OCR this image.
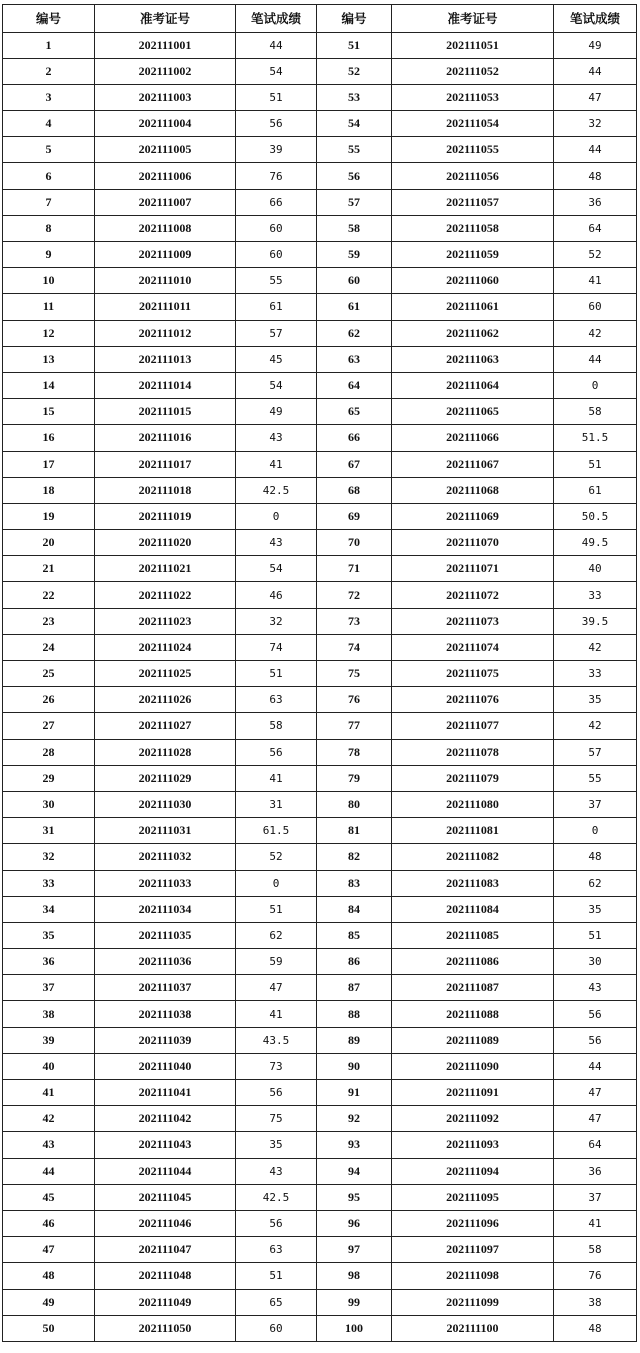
编号	准考证号	笔试成绩	编号	准考证号	笔试成绩
1	202111001	44	51	202111051	49
2	202111002	54	52	202111052	44
3	202111003	51	53	202111053	47
4	202111004	56	54	202111054	32
5	202111005	39	55	202111055	44
6	202111006	76	56	202111056	48
7	202111007	66	57	202111057	36
8	202111008	60	58	202111058	64
9	202111009	60	59	202111059	52
10	202111010	55	60	202111060	41
11	202111011	61	61	202111061	60
12	202111012	57	62	202111062	42
13	202111013	45	63	202111063	44
14	202111014	54	64	202111064	0
15	202111015	49	65	202111065	58
16	202111016	43	66	202111066	51.5
17	202111017	41	67	202111067	51
18	202111018	42.5	68	202111068	61
19	202111019	0	69	202111069	50.5
20	202111020	43	70	202111070	49.5
21	202111021	54	71	202111071	40
22	202111022	46	72	202111072	33
23	202111023	32	73	202111073	39.5
24	202111024	74	74	202111074	42
25	202111025	51	75	202111075	33
26	202111026	63	76	202111076	35
27	202111027	58	77	202111077	42
28	202111028	56	78	202111078	57
29	202111029	41	79	202111079	55
30	202111030	31	80	202111080	37
31	202111031	61.5	81	202111081	0
32	202111032	52	82	202111082	48
33	202111033	0	83	202111083	62
34	202111034	51	84	202111084	35
35	202111035	62	85	202111085	51
36	202111036	59	86	202111086	30
37	202111037	47	87	202111087	43
38	202111038	41	88	202111088	56
39	202111039	43.5	89	202111089	56
40	202111040	73	90	202111090	44
41	202111041	56	91	202111091	47
42	202111042	75	92	202111092	47
43	202111043	35	93	202111093	64
44	202111044	43	94	202111094	36
45	202111045	42.5	95	202111095	37
46	202111046	56	96	202111096	41
47	202111047	63	97	202111097	58
48	202111048	51	98	202111098	76
49	202111049	65	99	202111099	38
50	202111050	60	100	202111100	48
